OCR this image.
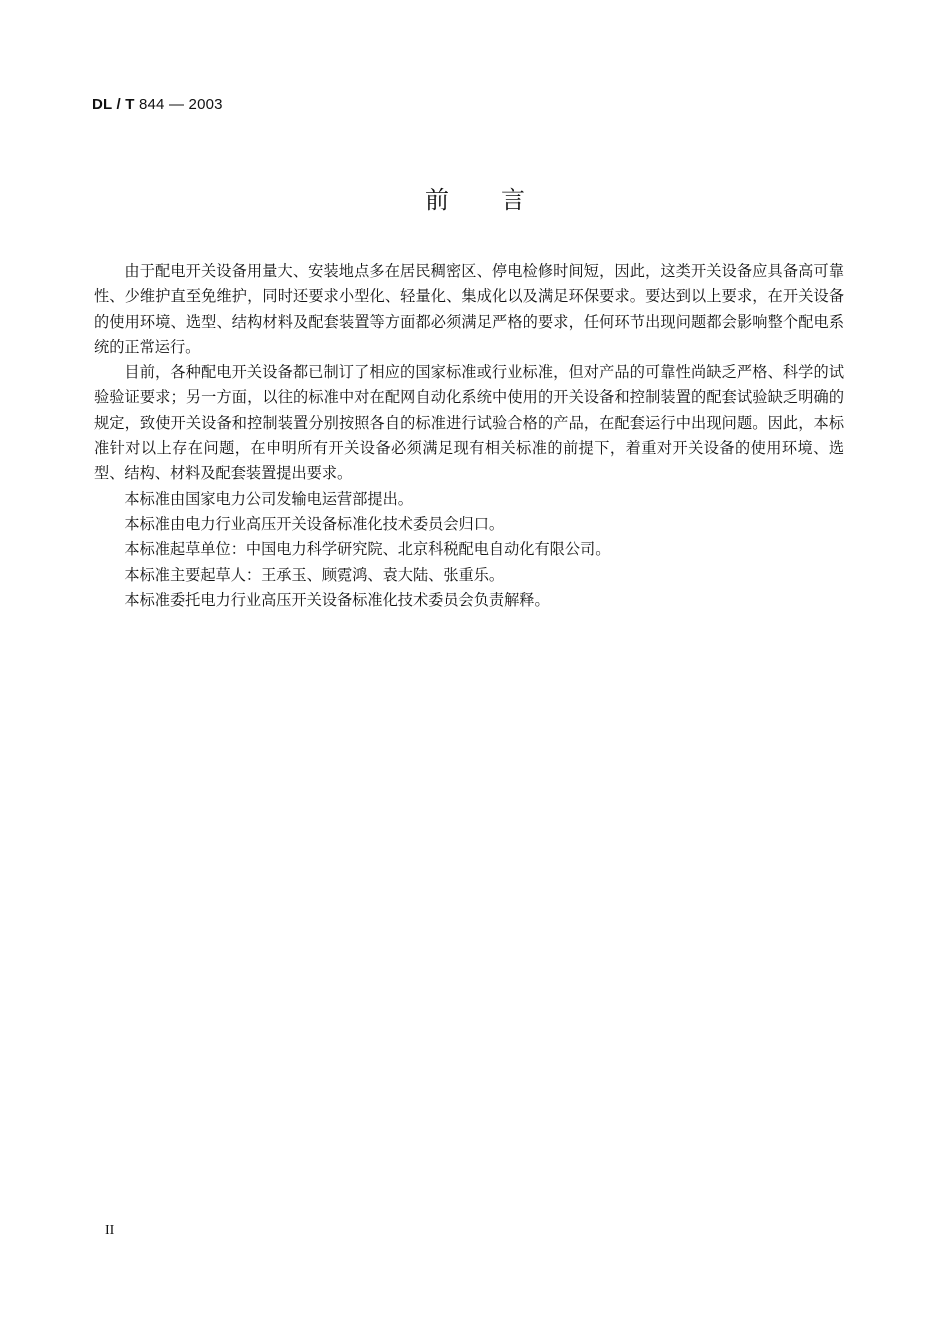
DL / T 844 — 2003
前言

由于配电开关设备用量大、安装地点多在居民稠密区、停电检修时间短，因此，这类开关设备应具备高可靠性、少维护直至免维护，同时还要求小型化、轻量化、集成化以及满足环保要求。要达到以上要求，在开关设备的使用环境、选型、结构材料及配套装置等方面都必须满足严格的要求，任何环节出现问题都会影响整个配电系统的正常运行。

目前，各种配电开关设备都已制订了相应的国家标准或行业标准，但对产品的可靠性尚缺乏严格、科学的试验验证要求；另一方面，以往的标准中对在配网自动化系统中使用的开关设备和控制装置的配套试验缺乏明确的规定，致使开关设备和控制装置分别按照各自的标准进行试验合格的产品，在配套运行中出现问题。因此，本标准针对以上存在问题，在申明所有开关设备必须满足现有相关标准的前提下，着重对开关设备的使用环境、选型、结构、材料及配套装置提出要求。

本标准由国家电力公司发输电运营部提出。

本标准由电力行业高压开关设备标准化技术委员会归口。

本标准起草单位：中国电力科学研究院、北京科税配电自动化有限公司。

本标准主要起草人：王承玉、顾霓鸿、袁大陆、张重乐。

本标准委托电力行业高压开关设备标准化技术委员会负责解释。

II
